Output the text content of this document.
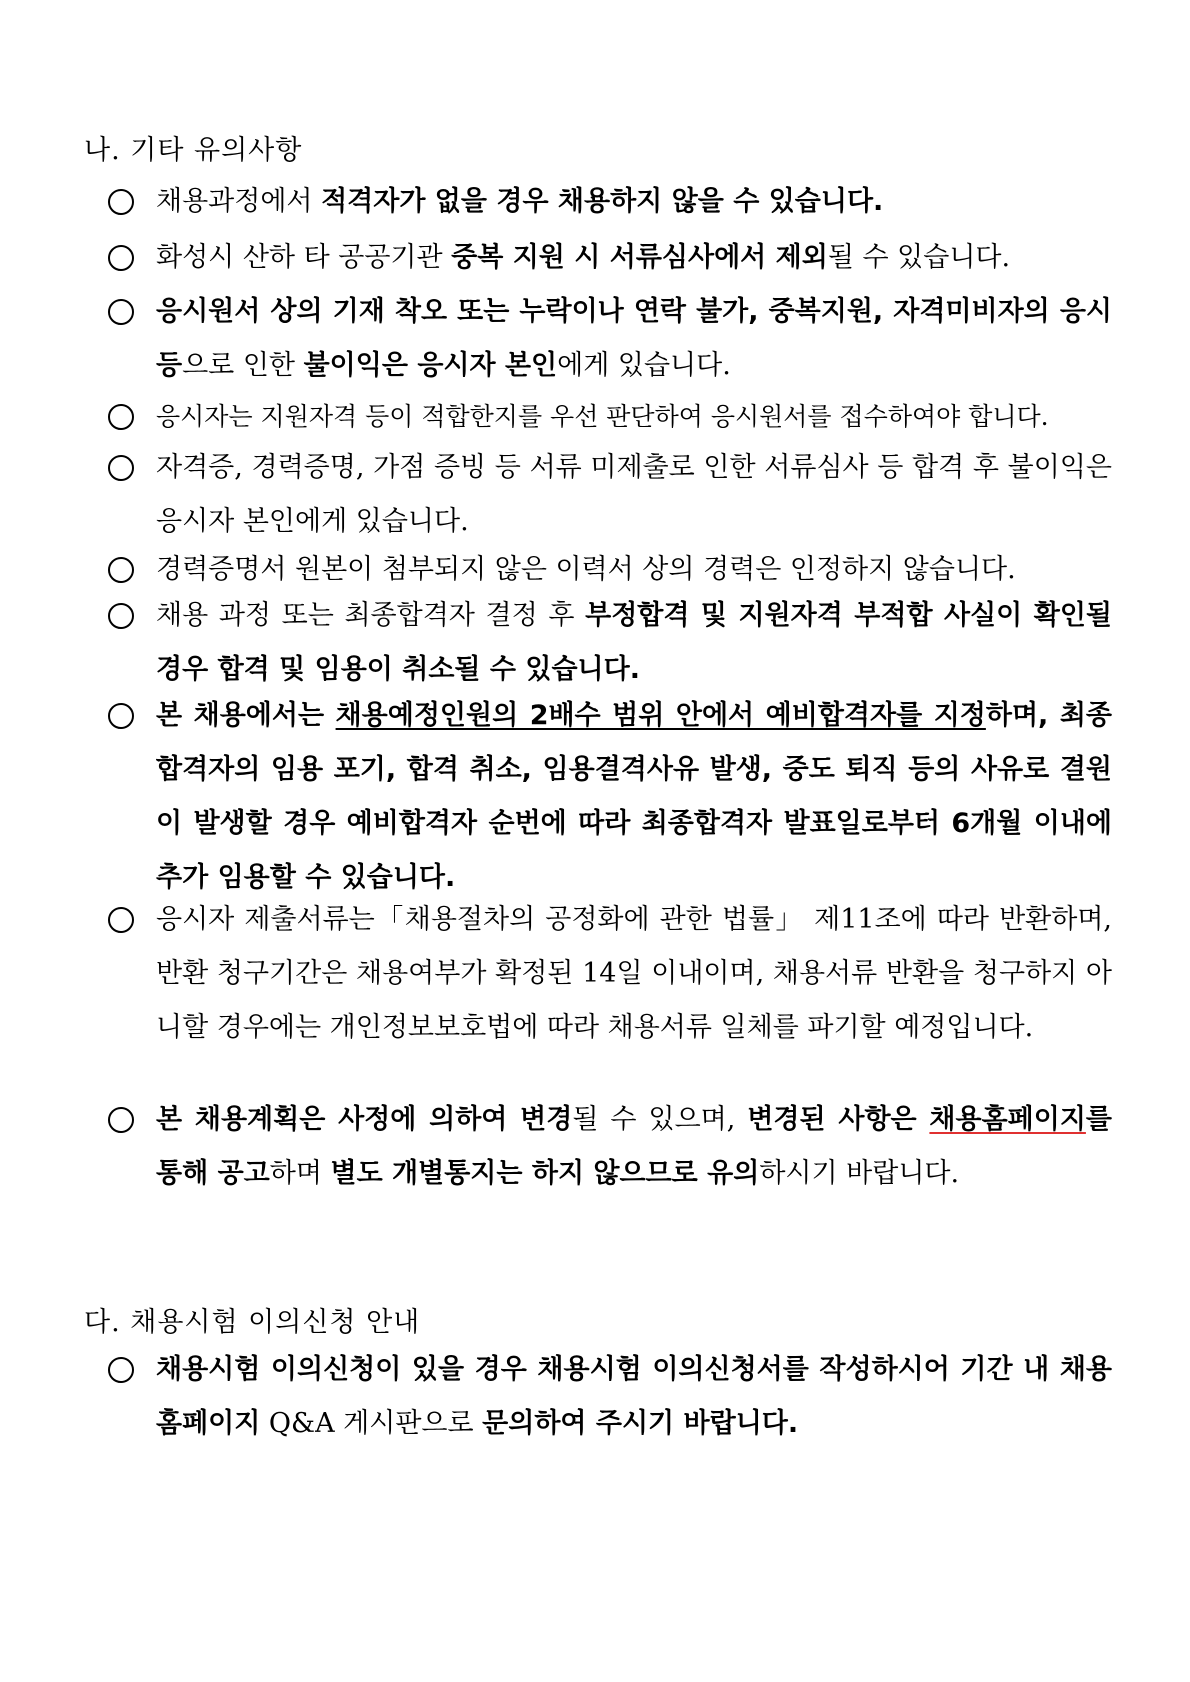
나. 기타 유의사항
채용과정에서 적격자가 없을 경우 채용하지 않을 수 있습니다.
화성시 산하 타 공공기관 중복 지원 시 서류심사에서 제외될 수 있습니다.
응시원서 상의 기재 착오 또는 누락이나 연락 불가, 중복지원, 자격미비자의 응시 등으로 인한 불이익은 응시자 본인에게 있습니다.
응시자는 지원자격 등이 적합한지를 우선 판단하여 응시원서를 접수하여야 합니다.
자격증, 경력증명, 가점 증빙 등 서류 미제출로 인한 서류심사 등 합격 후 불이익은 응시자 본인에게 있습니다.
경력증명서 원본이 첨부되지 않은 이력서 상의 경력은 인정하지 않습니다.
채용 과정 또는 최종합격자 결정 후 부정합격 및 지원자격 부적합 사실이 확인될 경우 합격 및 임용이 취소될 수 있습니다.
본 채용에서는 채용예정인원의 2배수 범위 안에서 예비합격자를 지정하며, 최종합격자의 임용 포기, 합격 취소, 임용결격사유 발생, 중도 퇴직 등의 사유로 결원이 발생할 경우 예비합격자 순번에 따라 최종합격자 발표일로부터 6개월 이내에 추가 임용할 수 있습니다.
응시자 제출서류는「채용절차의 공정화에 관한 법률」 제11조에 따라 반환하며, 반환 청구기간은 채용여부가 확정된 14일 이내이며, 채용서류 반환을 청구하지 아니할 경우에는 개인정보보호법에 따라 채용서류 일체를 파기할 예정입니다.
본 채용계획은 사정에 의하여 변경될 수 있으며, 변경된 사항은 채용홈페이지를 통해 공고하며 별도 개별통지는 하지 않으므로 유의하시기 바랍니다.
다. 채용시험 이의신청 안내
채용시험 이의신청이 있을 경우 채용시험 이의신청서를 작성하시어 기간 내 채용홈페이지 Q&A 게시판으로 문의하여 주시기 바랍니다.
